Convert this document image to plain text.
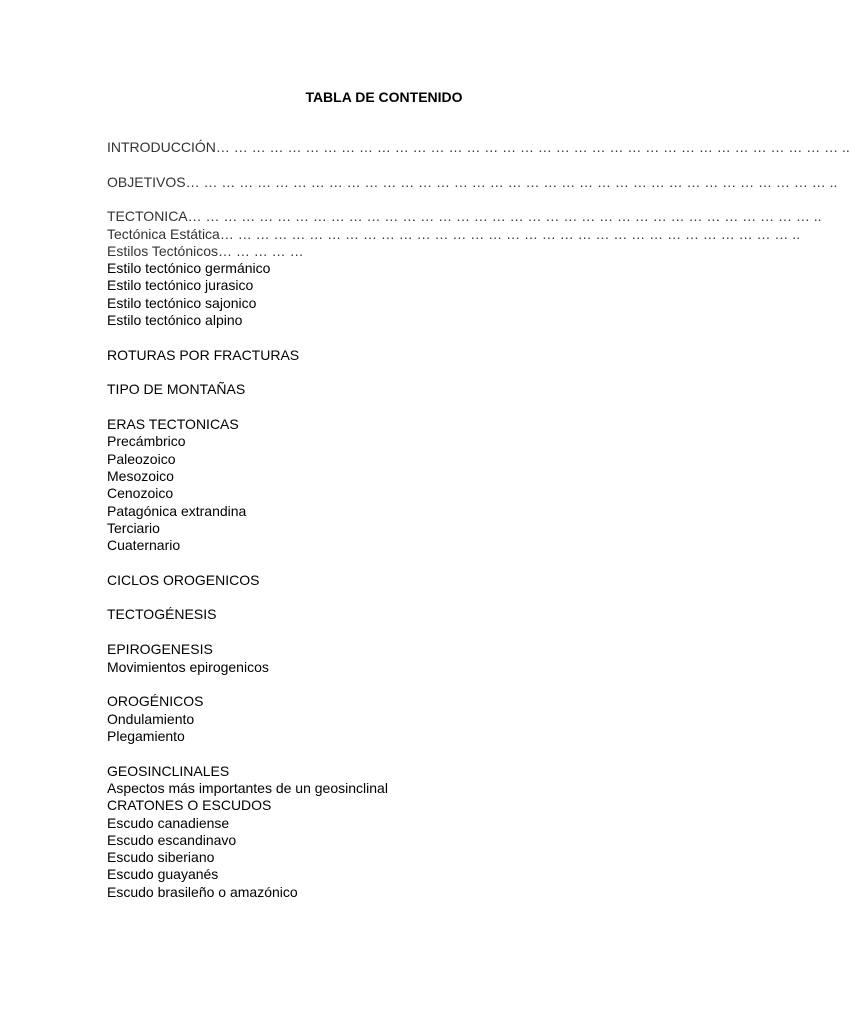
TABLA DE CONTENIDO
INTRODUCCIÓN… … … … … … … … … … … … … … … … … … … … … … … … … … … … … … … … … … … ..
OBJETIVOS… … … … … … … … … … … … … … … … … … … … … … … … … … … … … … … … … … … … ..
TECTONICA… … … … … … … … … … … … … … … … … … … … … … … … … … … … … … … … … … … ..
Tectónica Estática… … … … … … … … … … … … … … … … … … … … … … … … … … … … … … … … ..
Estilos Tectónicos… … … … …
Estilo tectónico germánico
Estilo tectónico jurasico
Estilo tectónico sajonico
Estilo tectónico alpino
ROTURAS POR FRACTURAS
TIPO DE MONTAÑAS
ERAS TECTONICAS
Precámbrico
Paleozoico
Mesozoico
Cenozoico
Patagónica extrandina
Terciario
Cuaternario
CICLOS OROGENICOS
TECTOGÉNESIS
EPIROGENESIS
Movimientos epirogenicos
OROGÉNICOS
Ondulamiento
Plegamiento
GEOSINCLINALES
Aspectos más importantes de un geosinclinal
CRATONES O ESCUDOS
Escudo canadiense
Escudo escandinavo
Escudo siberiano
Escudo guayanés
Escudo brasileño o amazónico
